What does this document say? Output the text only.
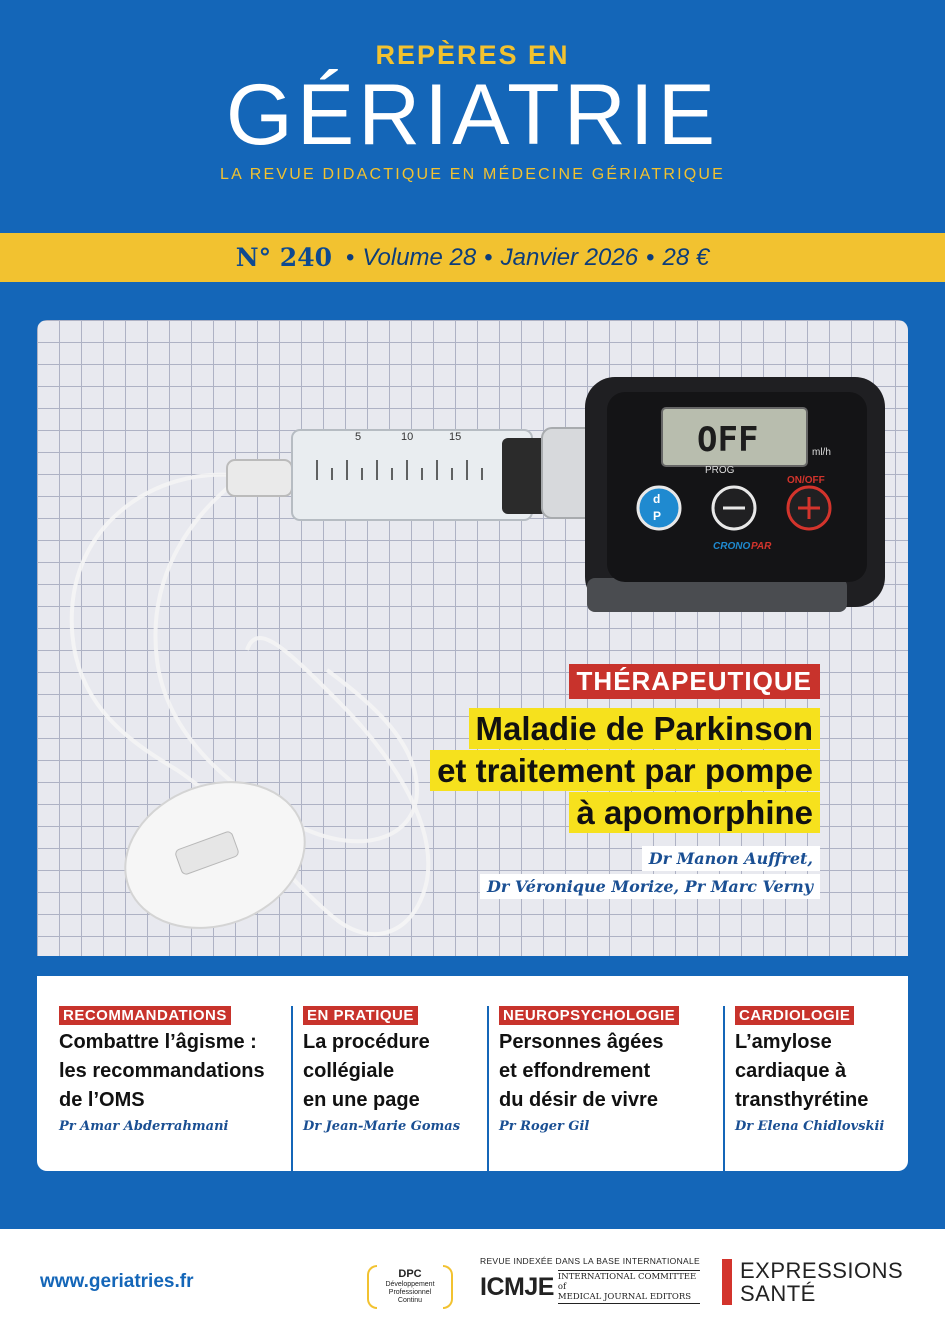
REPÈRES EN
GÉRIATRIE
LA REVUE DIDACTIQUE EN MÉDECINE GÉRIATRIQUE
N° 240 • Volume 28 • Janvier 2026 • 28 €
5	10	15	OFF	ml/h
PROG
ON/OFF
d
P
CRONO PAR
THÉRAPEUTIQUE
Maladie de Parkinson
et traitement par pompe
à apomorphine
Dr Manon Auffret,
Dr Véronique Morize, Pr Marc Verny
RECOMMANDATIONS
Combattre l’âgisme :
les recommandations
de l’OMS
Pr Amar Abderrahmani
EN PRATIQUE
La procédure
collégiale
en une page
Dr Jean-Marie Gomas
NEUROPSYCHOLOGIE
Personnes âgées
et effondrement
du désir de vivre
Pr Roger Gil
CARDIOLOGIE
L’amylose
cardiaque à
transthyrétine
Dr Elena Chidlovskii
www.geriatries.fr	DPC
Développement
Professionnel
Continu
REVUE INDEXÉE DANS LA BASE INTERNATIONALE
ICMJE INTERNATIONAL COMMITTEE of
MEDICAL JOURNAL EDITORS
EXPRESSIONS
SANTÉ
